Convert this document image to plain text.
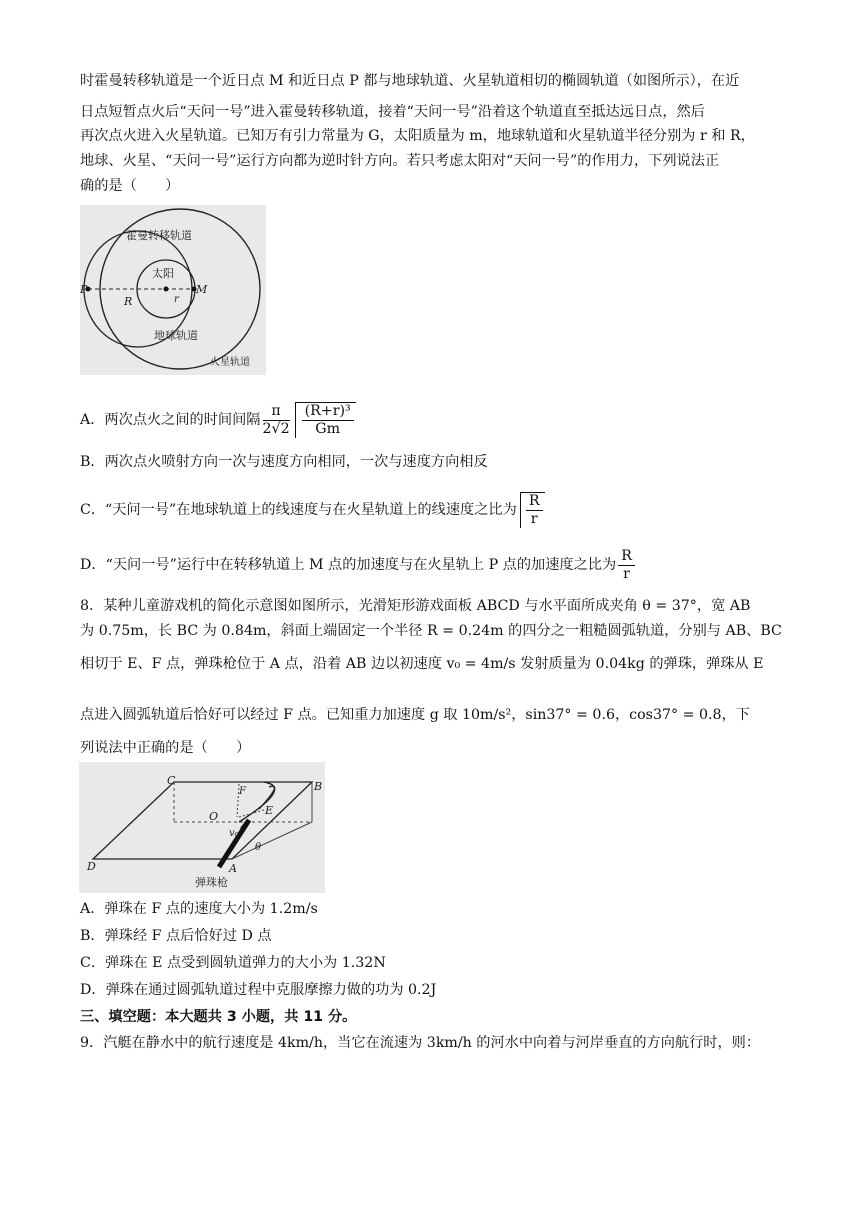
时霍曼转移轨道是一个近日点 M 和近日点 P 都与地球轨道、火星轨道相切的椭圆轨道（如图所示），在近
日点短暂点火后“天问一号”进入霍曼转移轨道，接着“天问一号”沿着这个轨道直至抵达远日点，然后
再次点火进入火星轨道。已知万有引力常量为 G，太阳质量为 m，地球轨道和火星轨道半径分别为 r 和 R，
地球、火星、“天问一号”运行方向都为逆时针方向。若只考虑太阳对“天问一号”的作用力，下列说法正
确的是（　　）
霍曼转移轨道
太阳
P	M
R	r
地球轨道
火星轨道
A．两次点火之间的时间间隔 $\frac{\pi}{2√2} \frac{\text{(R+r)³}}{Gm}$
B．两次点火喷射方向一次与速度方向相同，一次与速度方向相反
C．“天问一号”在地球轨道上的线速度与在火星轨道上的线速度之比为 $\frac{R}{r}$
D．“天问一号”运行中在转移轨道上 M 点的加速度与在火星轨上 P 点的加速度之比为 $\frac{R}{r}$
8．某种儿童游戏机的简化示意图如图所示，光滑矩形游戏面板 ABCD 与水平面所成夹角 θ = 37°，宽 AB
为 0.75m，长 BC 为 0.84m，斜面上端固定一个半径 R = 0.24m 的四分之一粗糙圆弧轨道，分别与 AB、BC
相切于 E、F 点，弹珠枪位于 A 点，沿着 AB 边以初速度 v₀ = 4m/s 发射质量为 0.04kg 的弹珠，弹珠从 E
点进入圆弧轨道后恰好可以经过 F 点。已知重力加速度 g 取 10m/s²，sin37° = 0.6，cos37° = 0.8，下
列说法中正确的是（　　）
C	B
D	A
O	E
F
v₀
θ
弹珠枪
A．弹珠在 F 点的速度大小为 1.2m/s
B．弹珠经 F 点后恰好过 D 点
C．弹珠在 E 点受到圆轨道弹力的大小为 1.32N
D．弹珠在通过圆弧轨道过程中克服摩擦力做的功为 0.2J
三、填空题：本大题共 3 小题，共 11 分。
9．汽艇在静水中的航行速度是 4km/h，当它在流速为 3km/h 的河水中向着与河岸垂直的方向航行时，则：
